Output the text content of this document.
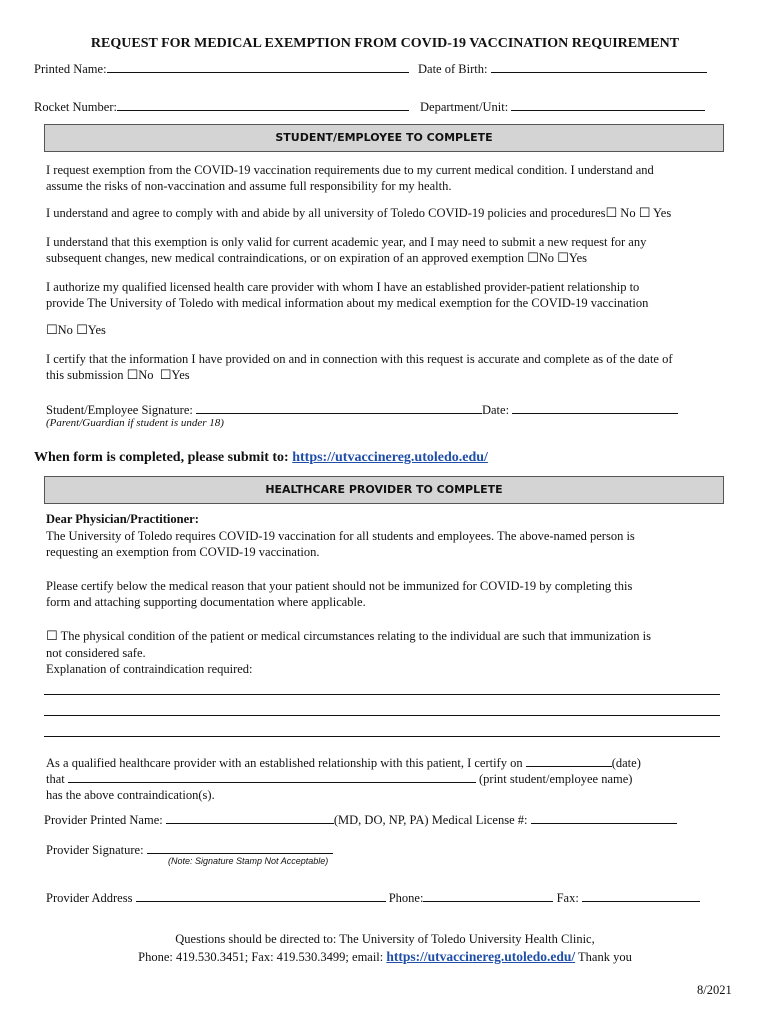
REQUEST FOR MEDICAL EXEMPTION FROM COVID-19 VACCINATION REQUIREMENT
Printed Name:	Date of Birth:
Rocket Number:	Department/Unit:
STUDENT/EMPLOYEE TO COMPLETE
I request exemption from the COVID-19 vaccination requirements due to my current medical condition. I understand and
assume the risks of non-vaccination and assume full responsibility for my health.
I understand and agree to comply with and abide by all university of Toledo COVID-19 policies and procedures☐ No ☐ Yes
I understand that this exemption is only valid for current academic year, and I may need to submit a new request for any
subsequent changes, new medical contraindications, or on expiration of an approved exemption ☐No ☐Yes
I authorize my qualified licensed health care provider with whom I have an established provider-patient relationship to
provide The University of Toledo with medical information about my medical exemption for the COVID-19 vaccination
☐No ☐Yes
I certify that the information I have provided on and in connection with this request is accurate and complete as of the date of
this submission ☐No ☐Yes
Student/Employee Signature:	Date:
(Parent/Guardian if student is under 18)
When form is completed, please submit to: https://utvaccinereg.utoledo.edu/
HEALTHCARE PROVIDER TO COMPLETE
Dear Physician/Practitioner:
The University of Toledo requires COVID-19 vaccination for all students and employees. The above-named person is
requesting an exemption from COVID-19 vaccination.
Please certify below the medical reason that your patient should not be immunized for COVID-19 by completing this
form and attaching supporting documentation where applicable.
☐ The physical condition of the patient or medical circumstances relating to the individual are such that immunization is
not considered safe.
Explanation of contraindication required:
As a qualified healthcare provider with an established relationship with this patient, I certify on	(date)
that	(print student/employee name)
has the above contraindication(s).
Provider Printed Name:	(MD, DO, NP, PA) Medical License #:
Provider Signature:
(Note: Signature Stamp Not Acceptable)
Provider Address	Phone:	Fax:
Questions should be directed to: The University of Toledo University Health Clinic,
Phone: 419.530.3451; Fax: 419.530.3499; email: https://utvaccinereg.utoledo.edu/ Thank you
8/2021
